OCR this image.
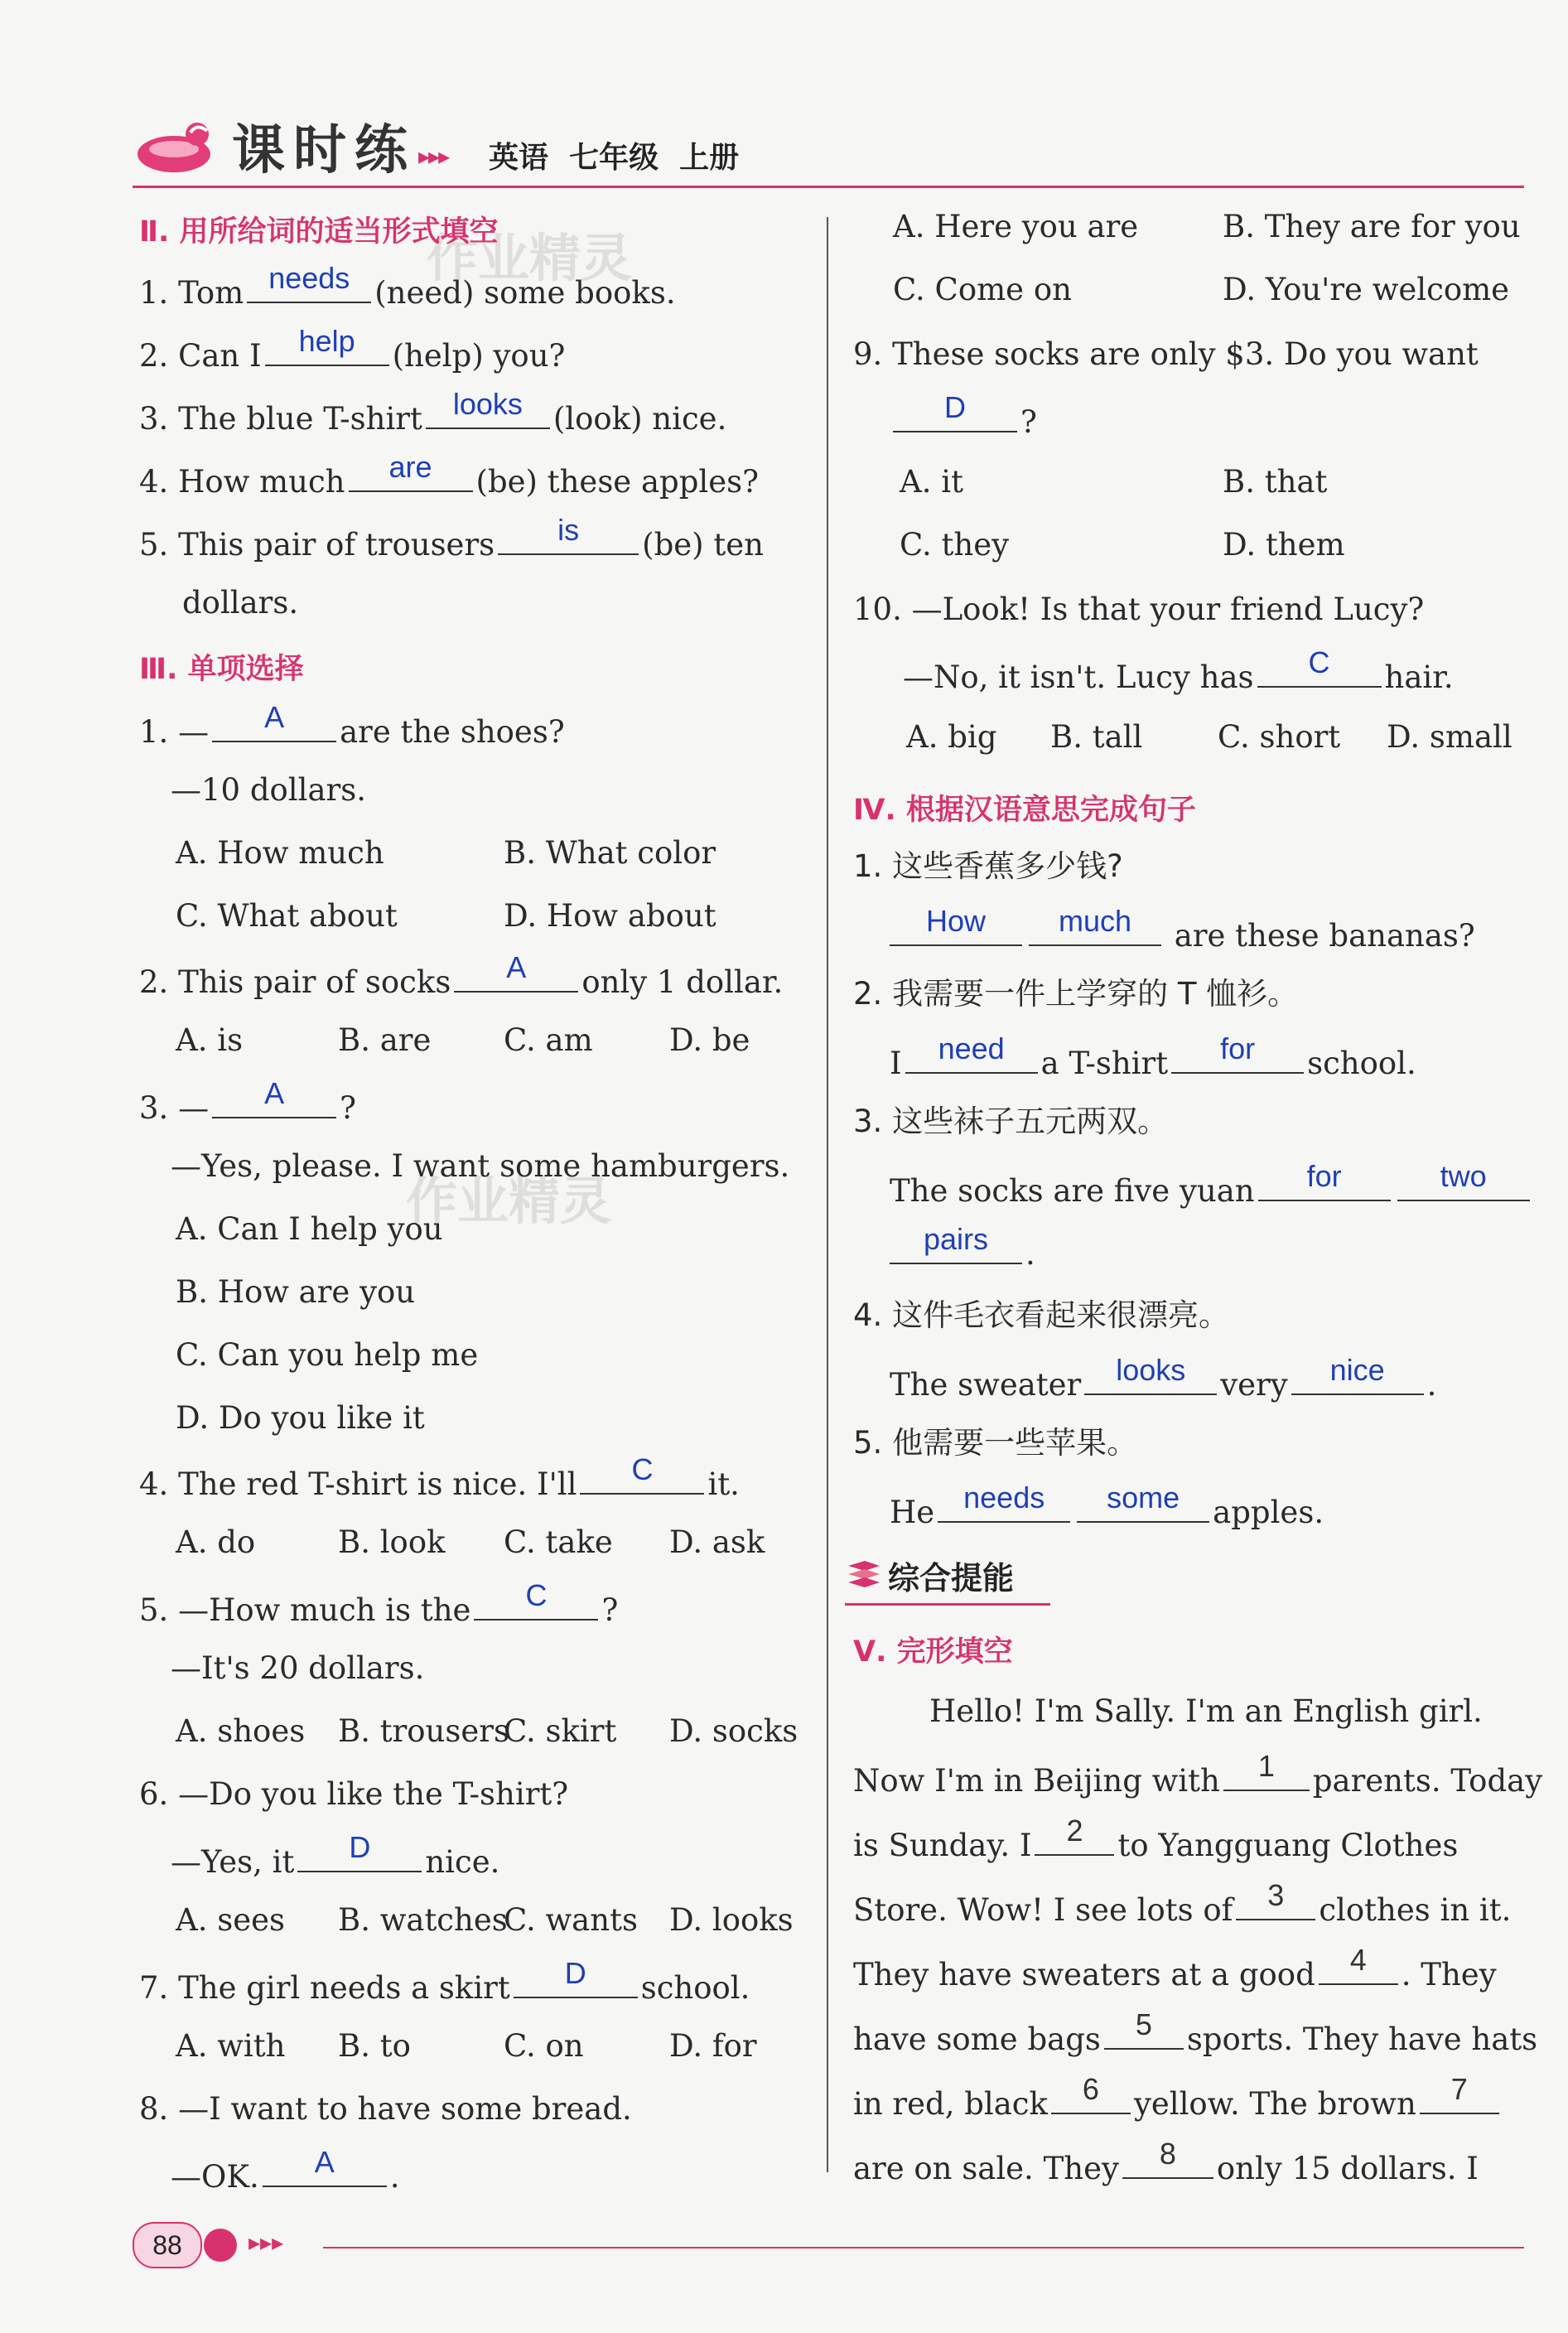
课时练 ▸▸▸ 英语  七年级  上册
作业精灵
作业精灵
Ⅱ. 用所给词的适当形式填空
1. Tom needs (need) some books.
2. Can I	help	(help) you?
3. The blue T-shirt	looks (look) nice.
4. How much	are	(be) these apples?
5. This pair of trousers	is	(be) ten
dollars.
Ⅲ. 单项选择
1. —	A	are the shoes?
—10 dollars.
A. How much	B. What color
C. What about	D. How about
2. This pair of socks	A	only 1 dollar.
A. is	B. are C. am D. be
3. —	A	?
—Yes, please. I want some hamburgers.
A. Can I help you
B. How are you
C. Can you help me
D. Do you like it
4. The red T-shirt is nice. I'll	C	it.
A. do	B. look C. take D. ask
5. —How much is the	C	?
—It's 20 dollars.
A. shoes B. trousers
C. skirt D. socks
6. —Do you like the T-shirt?
—Yes, it	D	nice.
A. sees B. watches
C. wants D. looks
7. The girl needs a skirt	D	school.
A. with B. to	C. on	D. for
8. —I want to have some bread.
—OK.	A	.
A. Here you are	B. They are for you
C. Come on	D. You're welcome
9. These socks are only $3. Do you want
D	?
A. it	B. that
C. they	D. them
10. —Look! Is that your friend Lucy?
—No, it isn't. Lucy has	C	hair.
A. big B. tall C. short D. small
Ⅳ. 根据汉语意思完成句子
1. 这些香蕉多少钱?
How	much	are these bananas?
2. 我需要一件上学穿的 T 恤衫。
I	need	a T-shirt	for	school.
3. 这些袜子五元两双。
The socks are five yuan	for	two
pairs	.
4. 这件毛衣看起来很漂亮。
The sweater	looks	very	nice	.
5. 他需要一些苹果。
He needs	some	apples.
综合提能
Ⅴ. 完形填空
Hello! I'm Sally. I'm an English girl.
Now I'm in Beijing with	1	parents. Today
is Sunday. I	2	to Yangguang Clothes
Store. Wow! I see lots of	3	clothes in it.
They have sweaters at a good	4	. They
have some bags	5	sports. They have hats
in red, black	6	yellow. The brown	7
are on sale. They	8	only 15 dollars. I
88	▸▸▸
